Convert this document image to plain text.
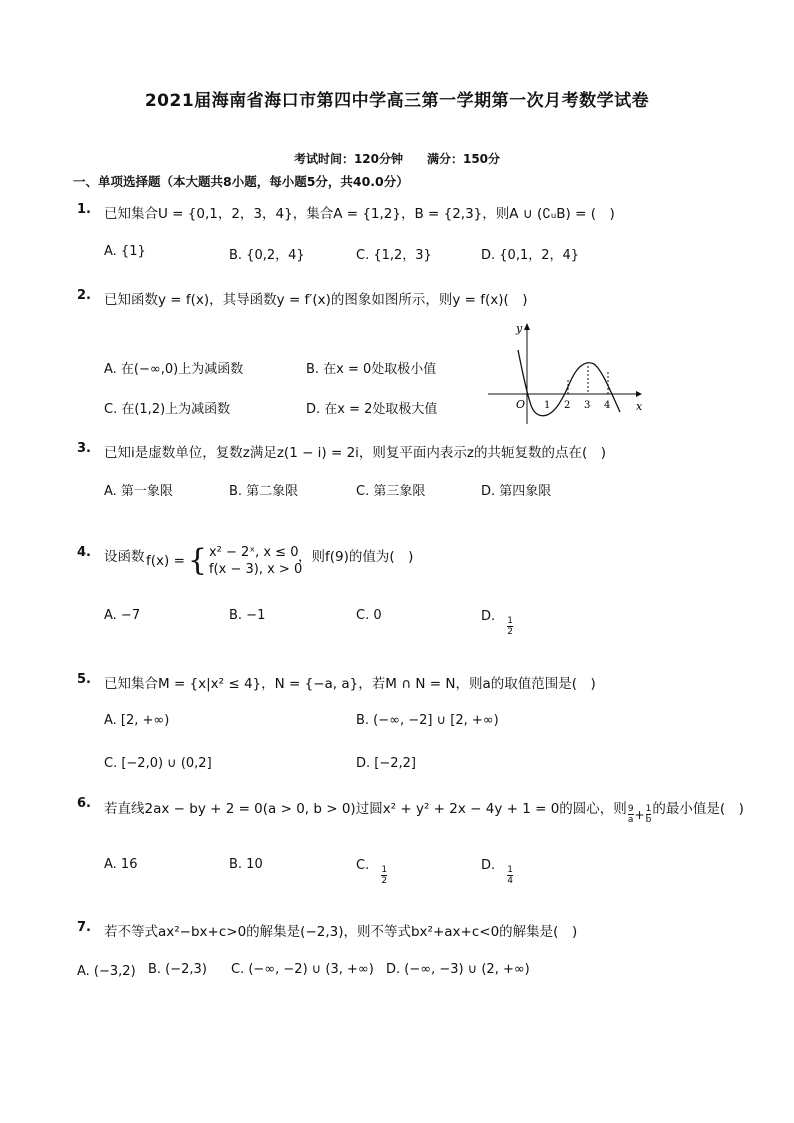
2021届海南省海口市第四中学高三第一学期第一次月考数学试卷
考试时间：120分钟　　满分：150分
一、单项选择题（本大题共8小题，每小题5分，共40.0分）
1. 已知集合U = {0,1，2，3，4}，集合A = {1,2}，B = {2,3}，则A ∪ (∁ᵤB) = (　)
A. {1}	B. {0,2，4}	C. {1,2，3}	D. {0,1，2，4}
2. 已知函数y = f(x)，其导函数y = f′(x)的图象如图所示，则y = f(x)(　)
A. 在(−∞,0)上为减函数	B. 在x = 0处取极小值
C. 在(1,2)上为减函数	D. 在x = 2处取极大值
y
x
O 1 2 3 4
3. 已知i是虚数单位，复数z满足z(1 − i) = 2i，则复平面内表示z的共轭复数的点在(　)
A. 第一象限	B. 第二象限	C. 第三象限	D. 第四象限
4. 设函数 f(x) = { x² − 2ˣ, x ≤ 0
f(x − 3), x > 0
，则f(9)的值为(　)
A. −7	B. −1	C. 0	D. $\frac{1}{2}$
5. 已知集合M = {x|x² ≤ 4}，N = {−a, a}，若M ∩ N = N，则a的取值范围是(　)
A. [2, +∞)	B. (−∞, −2] ∪ [2, +∞)
C. [−2,0) ∪ (0,2]	D. [−2,2]
6. 若直线2ax − by + 2 = 0(a > 0, b > 0)过圆x² + y² + 2x − 4y + 1 = 0的圆心，则 $\frac{9}{a} + \frac{1}{b}$ 的最小值是(　)
A. 16	B. 10	C. $\frac{1}{2}$	D. $\frac{1}{4}$
7. 若不等式ax²−bx+c>0的解集是(−2,3)，则不等式bx²+ax+c<0的解集是(　)
A. (−3,2) B. (−2,3) C. (−∞, −2) ∪ (3, +∞) D. (−∞, −3) ∪ (2, +∞)
